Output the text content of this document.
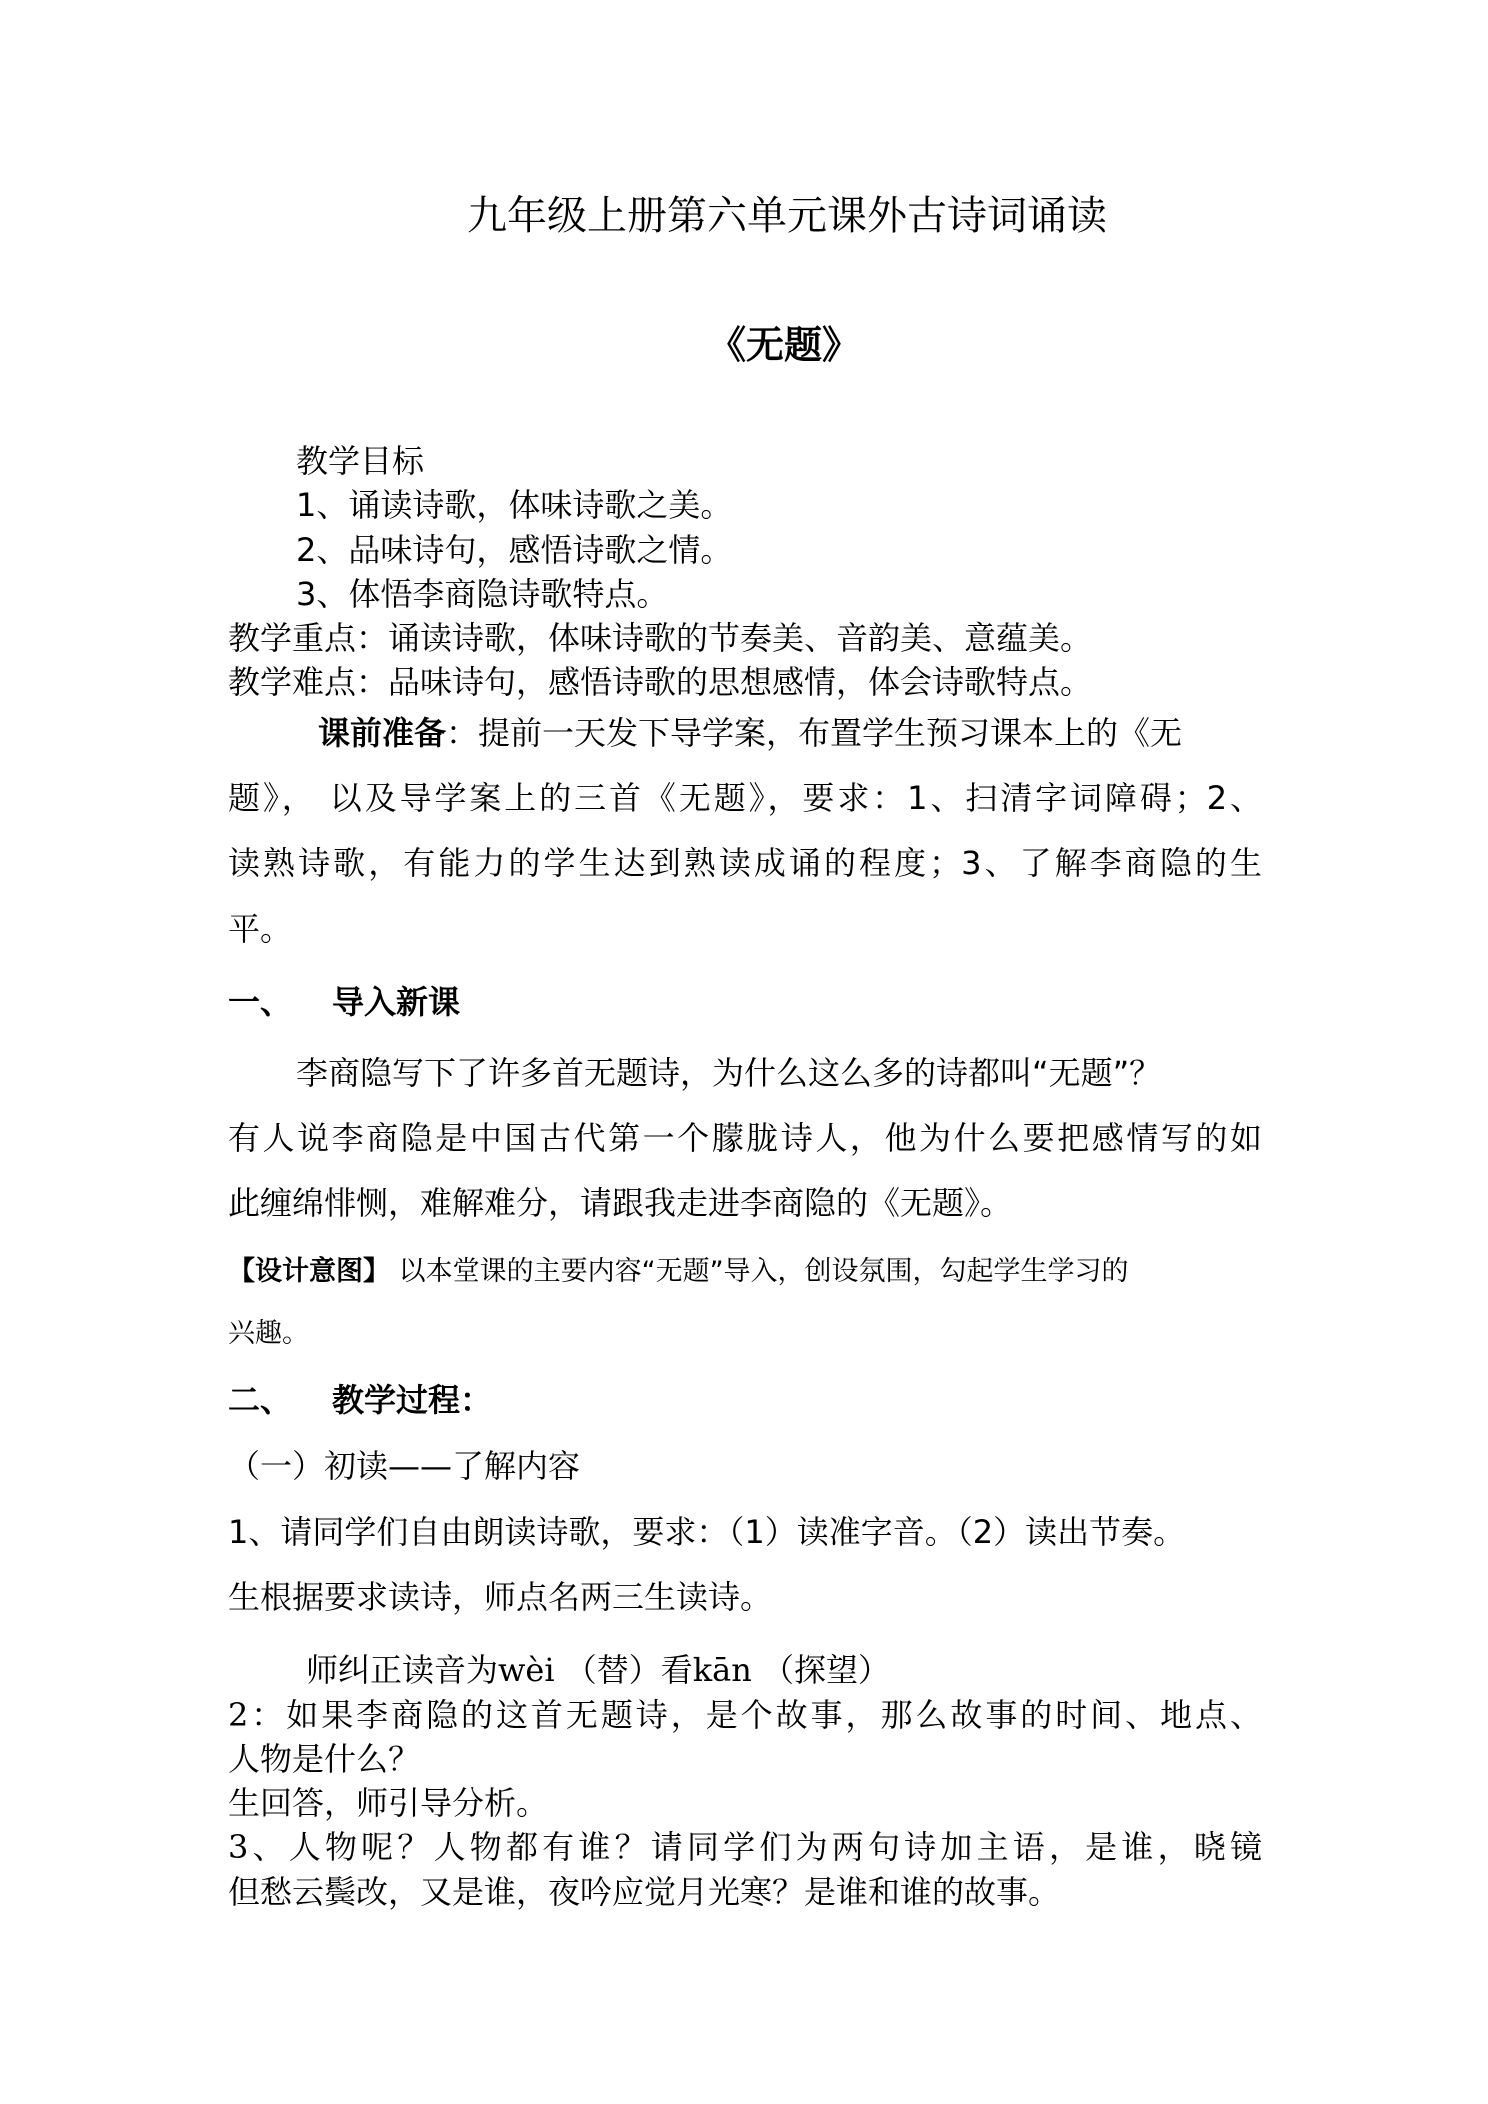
九年级上册第六单元课外古诗词诵读
《无题》
教学目标
1、诵读诗歌，体味诗歌之美。
2、品味诗句，感悟诗歌之情。
3、体悟李商隐诗歌特点。
教学重点：诵读诗歌，体味诗歌的节奏美、音韵美、意蕴美。
教学难点：品味诗句，感悟诗歌的思想感情，体会诗歌特点。
课前准备：提前一天发下导学案，布置学生预习课本上的《无
题》， 以及导学案上的三首《无题》，要求：1、扫清字词障碍；2、
读熟诗歌，有能力的学生达到熟读成诵的程度；3、了解李商隐的生
平。
一、 导入新课
李商隐写下了许多首无题诗，为什么这么多的诗都叫“无题”？
有人说李商隐是中国古代第一个朦胧诗人，他为什么要把感情写的如
此缠绵悱恻，难解难分，请跟我走进李商隐的《无题》。
【设计意图】 以本堂课的主要内容“无题”导入，创设氛围，勾起学生学习的
兴趣。
二、 教学过程：
（一）初读——了解内容
1、请同学们自由朗读诗歌，要求：（1）读准字音。（2）读出节奏。
生根据要求读诗，师点名两三生读诗。
师纠正读音为wèi （替）看kān （探望）
2：如果李商隐的这首无题诗，是个故事，那么故事的时间、地点、
人物是什么？
生回答，师引导分析。
3、人物呢？人物都有谁？请同学们为两句诗加主语，是谁，晓镜
但愁云鬓改，又是谁，夜吟应觉月光寒？是谁和谁的故事。
